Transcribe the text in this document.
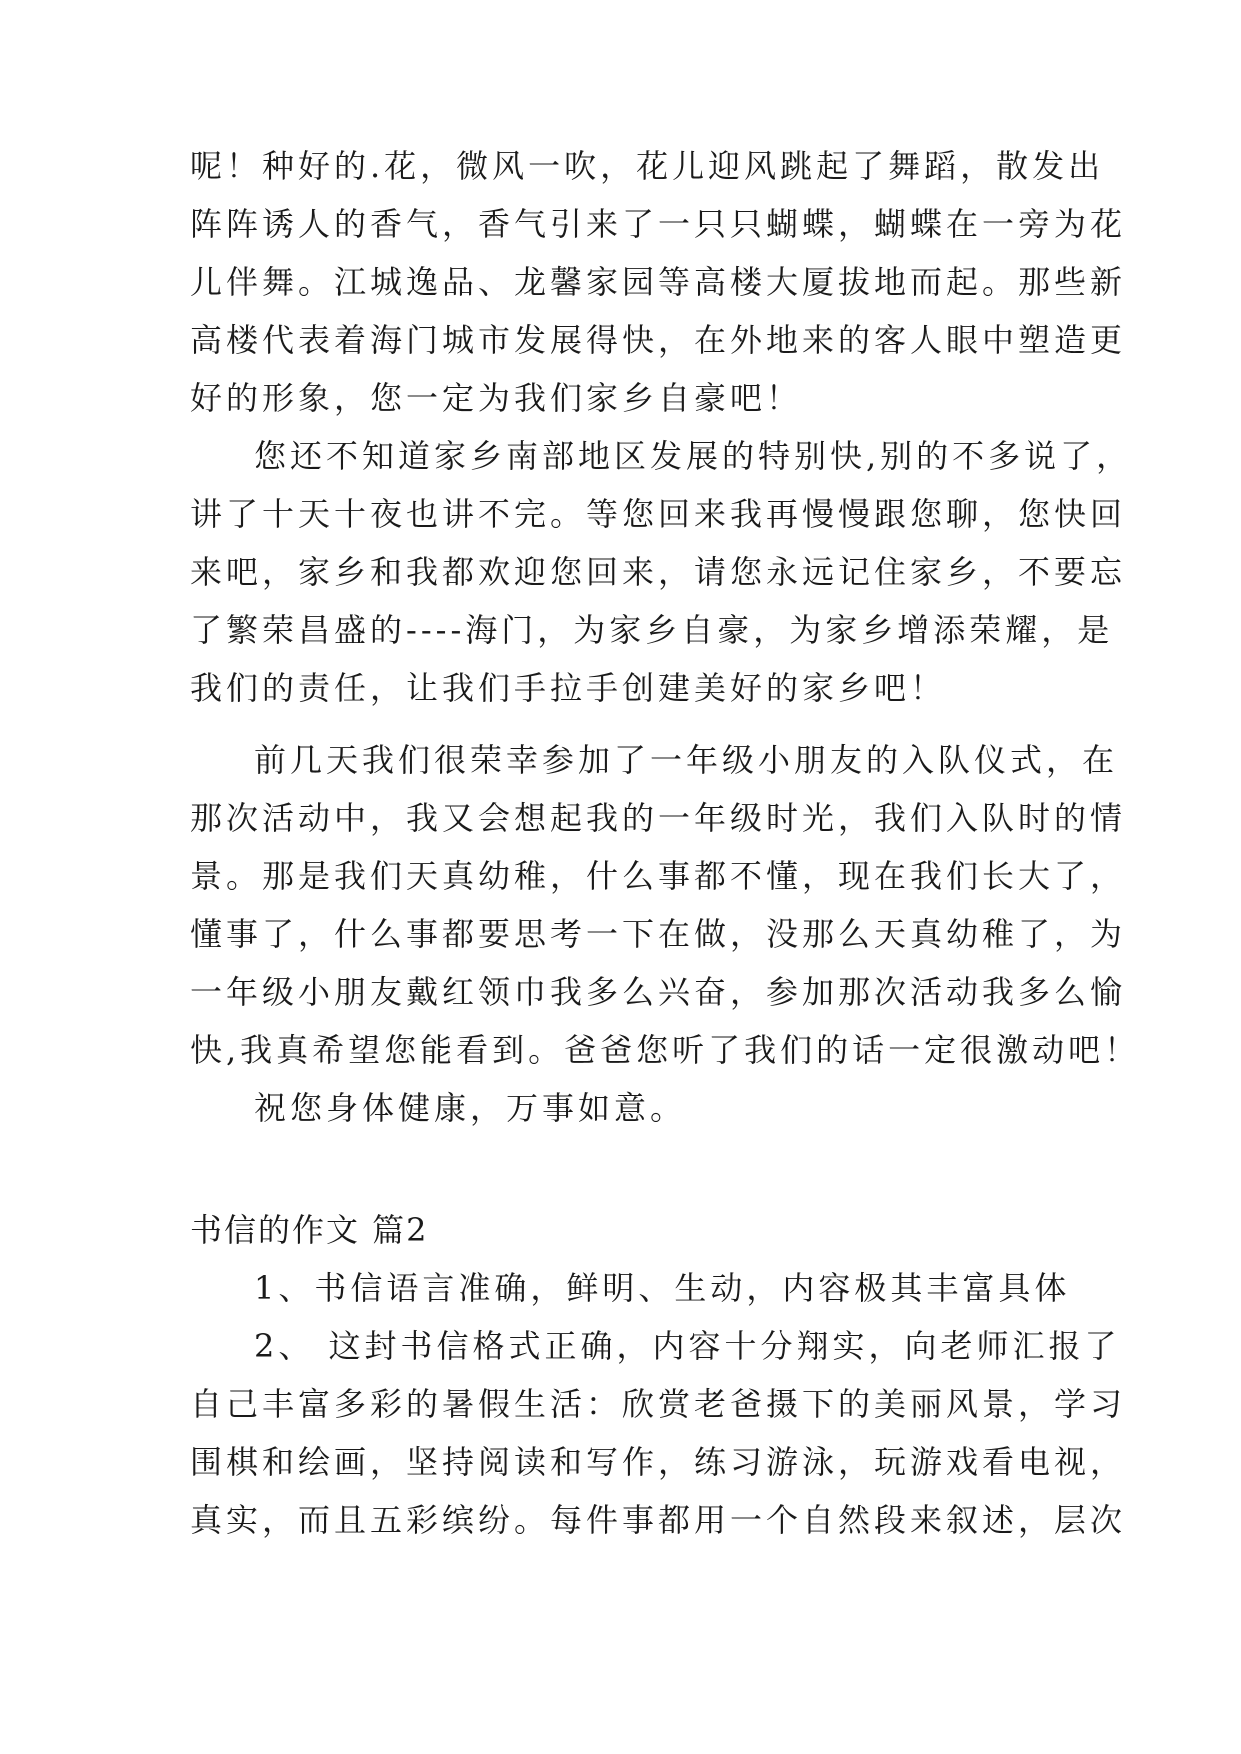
呢！种好的.花，微风一吹，花儿迎风跳起了舞蹈，散发出
阵阵诱人的香气，香气引来了一只只蝴蝶，蝴蝶在一旁为花
儿伴舞。江城逸品、龙馨家园等高楼大厦拔地而起。那些新
高楼代表着海门城市发展得快，在外地来的客人眼中塑造更
好的形象，您一定为我们家乡自豪吧！
您还不知道家乡南部地区发展的特别快,别的不多说了，
讲了十天十夜也讲不完。等您回来我再慢慢跟您聊，您快回
来吧，家乡和我都欢迎您回来，请您永远记住家乡，不要忘
了繁荣昌盛的----海门，为家乡自豪，为家乡增添荣耀，是
我们的责任，让我们手拉手创建美好的家乡吧！
前几天我们很荣幸参加了一年级小朋友的入队仪式，在
那次活动中，我又会想起我的一年级时光，我们入队时的情
景。那是我们天真幼稚，什么事都不懂，现在我们长大了，
懂事了，什么事都要思考一下在做，没那么天真幼稚了，为
一年级小朋友戴红领巾我多么兴奋，参加那次活动我多么愉
快,我真希望您能看到。爸爸您听了我们的话一定很激动吧！
祝您身体健康，万事如意。
书信的作文 篇2
1、书信语言准确，鲜明、生动，内容极其丰富具体
2、 这封书信格式正确，内容十分翔实，向老师汇报了
自己丰富多彩的暑假生活：欣赏老爸摄下的美丽风景，学习
围棋和绘画，坚持阅读和写作，练习游泳，玩游戏看电视，
真实，而且五彩缤纷。每件事都用一个自然段来叙述，层次
